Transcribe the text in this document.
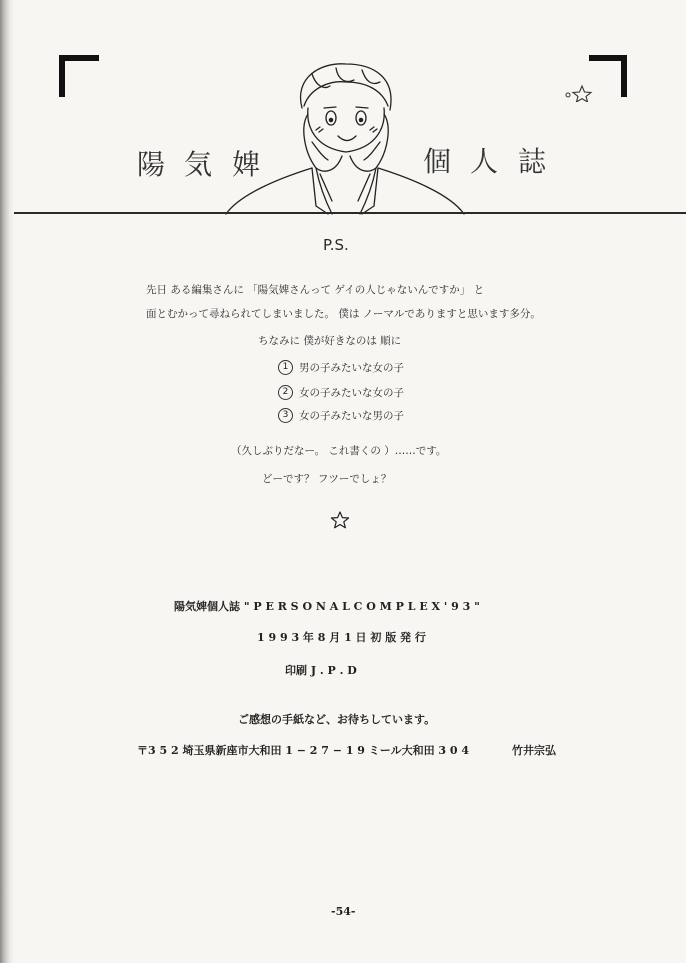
陽 気 婢	個 人 誌
P.S.
先日 ある編集さんに 「陽気婢さんって ゲイの人じゃないんですか」 と
面とむかって尋ねられてしまいました。 僕は ノーマルでありますと思います多分。
ちなみに 僕が好きなのは 順に
1	男の子みたいな女の子
2	女の子みたいな女の子
3	女の子みたいな男の子
（久しぶりだなー。 これ書くの ）……です。
どーです？ フツーでしょ？
陽気婢個人誌 " P E R S O N A L C O M P L E X ' 9 3 "
1 9 9 3 年 8 月 1 日 初 版 発 行
印刷 J . P . D
ご感想の手紙など、お待ちしています。
〒3 5 2 埼玉県新座市大和田 1 − 2 7 − 1 9 ミール大和田 3 0 4	竹井宗弘
-54-
